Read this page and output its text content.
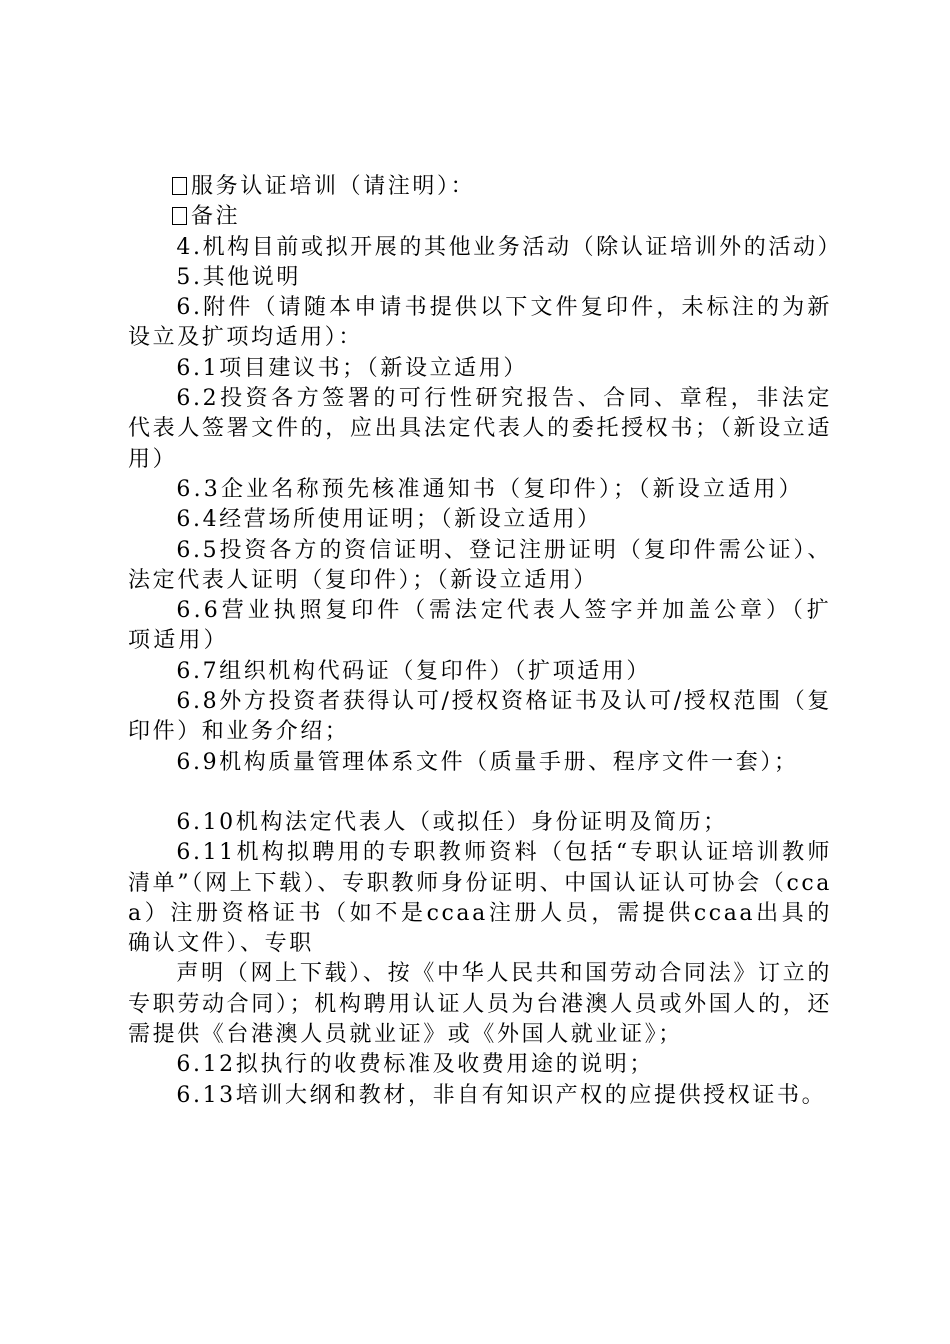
服务认证培训（请注明）：

备注

4.机构目前或拟开展的其他业务活动（除认证培训外的活动）

5.其他说明

6.附件（请随本申请书提供以下文件复印件，未标注的为新设立及扩项均适用）：

6.1项目建议书；（新设立适用）

6.2投资各方签署的可行性研究报告、合同、章程，非法定代表人签署文件的，应出具法定代表人的委托授权书；（新设立适用）

6.3企业名称预先核准通知书（复印件）；（新设立适用）

6.4经营场所使用证明；（新设立适用）

6.5投资各方的资信证明、登记注册证明（复印件需公证）、法定代表人证明（复印件）；（新设立适用）

6.6营业执照复印件（需法定代表人签字并加盖公章）（扩项适用）

6.7组织机构代码证（复印件）（扩项适用）

6.8外方投资者获得认可/授权资格证书及认可/授权范围（复印件）和业务介绍；

6.9机构质量管理体系文件（质量手册、程序文件一套）；

6.10机构法定代表人（或拟任）身份证明及简历；

6.11机构拟聘用的专职教师资料（包括“专职认证培训教师清单”（网上下载）、专职教师身份证明、中国认证认可协会（ccaa）注册资格证书（如不是ccaa注册人员，需提供ccaa出具的确认文件）、专职

声明（网上下载）、按《中华人民共和国劳动合同法》订立的专职劳动合同）；机构聘用认证人员为台港澳人员或外国人的，还需提供《台港澳人员就业证》或《外国人就业证》；

6.12拟执行的收费标准及收费用途的说明；

6.13培训大纲和教材，非自有知识产权的应提供授权证书。
